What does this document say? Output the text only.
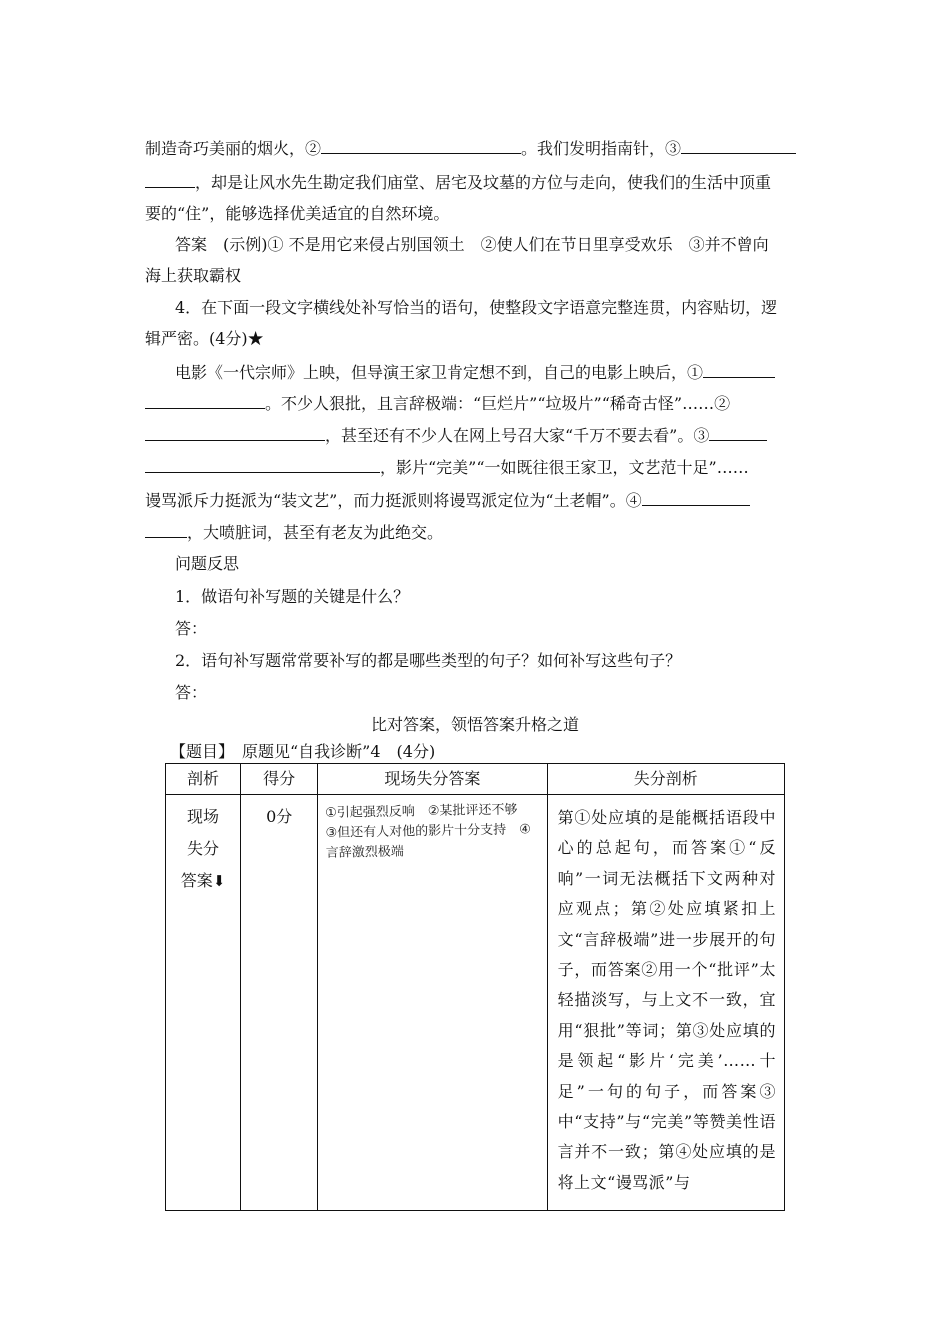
制造奇巧美丽的烟火，②	。我们发明指南针，③
，却是让风水先生勘定我们庙堂、居宅及坟墓的方位与走向，使我们的生活中顶重
要的“住”，能够选择优美适宜的自然环境。
答案　(示例)① 不是用它来侵占别国领土　②使人们在节日里享受欢乐　③并不曾向
海上获取霸权
4．在下面一段文字横线处补写恰当的语句，使整段文字语意完整连贯，内容贴切，逻
辑严密。(4分)★
电影《一代宗师》上映，但导演王家卫肯定想不到，自己的电影上映后，①
。不少人狠批，且言辞极端：“巨烂片”“垃圾片”“稀奇古怪”……②
，甚至还有不少人在网上号召大家“千万不要去看”。③
，影片“完美”“一如既往很王家卫，文艺范十足”……
谩骂派斥力挺派为“装文艺”，而力挺派则将谩骂派定位为“土老帽”。④
，大喷脏词，甚至有老友为此绝交。
问题反思
1．做语句补写题的关键是什么？
答：
2．语句补写题常常要补写的都是哪些类型的句子？如何补写这些句子？
答：
比对答案，领悟答案升格之道
【题目】　原题见“自我诊断”4　(4分)
剖析	得分	现场失分答案	失分剖析

现场
失分
答案⬇	0分	①引起强烈反响　②某批评还不够　③但还有人对他的影片十分支持　④言辞激烈极端	第①处应填的是能概括语段中心的总起句，而答案①“反响”一词无法概括下文两种对应观点；第②处应填紧扣上文“言辞极端”进一步展开的句子，而答案②用一个“批评”太轻描淡写，与上文不一致，宜用“狠批”等词；第③处应填的是领起“影片‘完美’……十足”一句的句子，而答案③中“支持”与“完美”等赞美性语言并不一致；第④处应填的是将上文“谩骂派”与
